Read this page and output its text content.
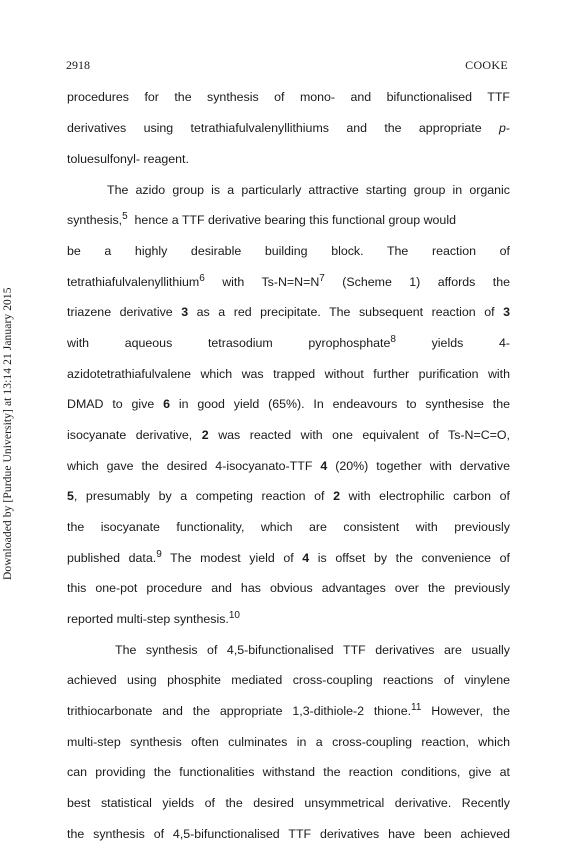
2918	COOKE
Downloaded by [Purdue University] at 13:14 21 January 2015
procedures for the synthesis of mono- and bifunctionalised TTF
derivatives using tetrathiafulvalenyllithiums and the appropriate p-
toluesulfonyl- reagent.
The azido group is a particularly attractive starting group in organic
synthesis,$^5$  hence a TTF derivative bearing this functional group would
be a highly desirable building block. The reaction of
tetrathiafulvalenyllithium$^6$ with $Ts-N=N=N^7$ (Scheme 1) affords the
triazene derivative 3 as a red precipitate. The subsequent reaction of 3
with aqueous tetrasodium pyrophosphate$^8$ yields 4-
azidotetrathiafulvalene which was trapped without further purification with
DMAD to give 6 in good yield (65%). In endeavours to synthesise the
isocyanate derivative, 2 was reacted with one equivalent of Ts-N=C=O,
which gave the desired 4-isocyanato-TTF 4 (20%) together with dervative
5, presumably by a competing reaction of 2 with electrophilic carbon of
the isocyanate functionality, which are consistent with previously
published data.$^9$ The modest yield of 4 is offset by the convenience of
this one-pot procedure and has obvious advantages over the previously
reported multi-step synthesis.$^{10}$
The synthesis of 4,5-bifunctionalised TTF derivatives are usually
achieved using phosphite mediated cross-coupling reactions of vinylene
trithiocarbonate and the appropriate 1,3-dithiole-2 thione.$^{11}$ However, the
multi-step synthesis often culminates in a cross-coupling reaction, which
can providing the functionalities withstand the reaction conditions, give at
best statistical yields of the desired unsymmetrical derivative. Recently
the synthesis of 4,5-bifunctionalised TTF derivatives have been achieved
